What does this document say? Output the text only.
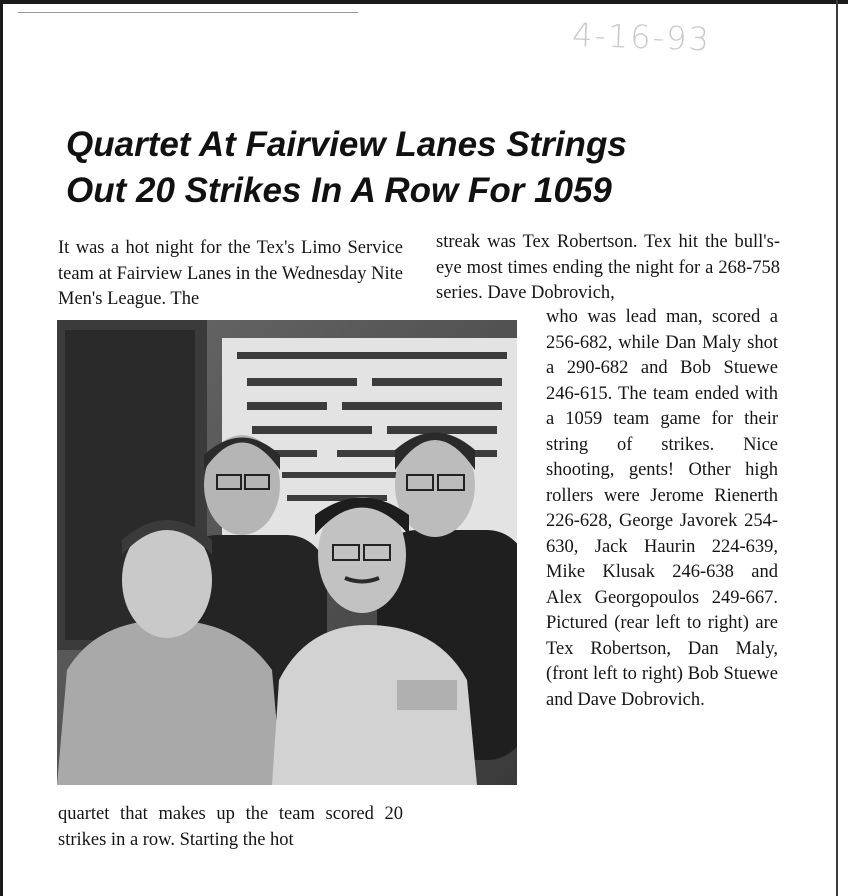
4-16-93
Quartet At Fairview Lanes Strings
Out 20 Strikes In A Row For 1059

It was a hot night for the Tex's Limo Service team at Fairview Lanes in the Wednesday Nite Men's League. The

streak was Tex Robertson. Tex hit the bull's-eye most times ending the night for a 268-758 series. Dave Dobrovich,

who was lead man, scored a 256-682, while Dan Maly shot a 290-682 and Bob Stuewe 246-615. The team ended with a 1059 team game for their string of strikes. Nice shooting, gents! Other high rollers were Jerome Rienerth 226-628, George Javorek 254-630, Jack Haurin 224-639, Mike Klusak 246-638 and Alex Georgopoulos 249-667. Pictured (rear left to right) are Tex Robertson, Dan Maly, (front left to right) Bob Stuewe and Dave Dobrovich.

quartet that makes up the team scored 20 strikes in a row. Starting the hot
